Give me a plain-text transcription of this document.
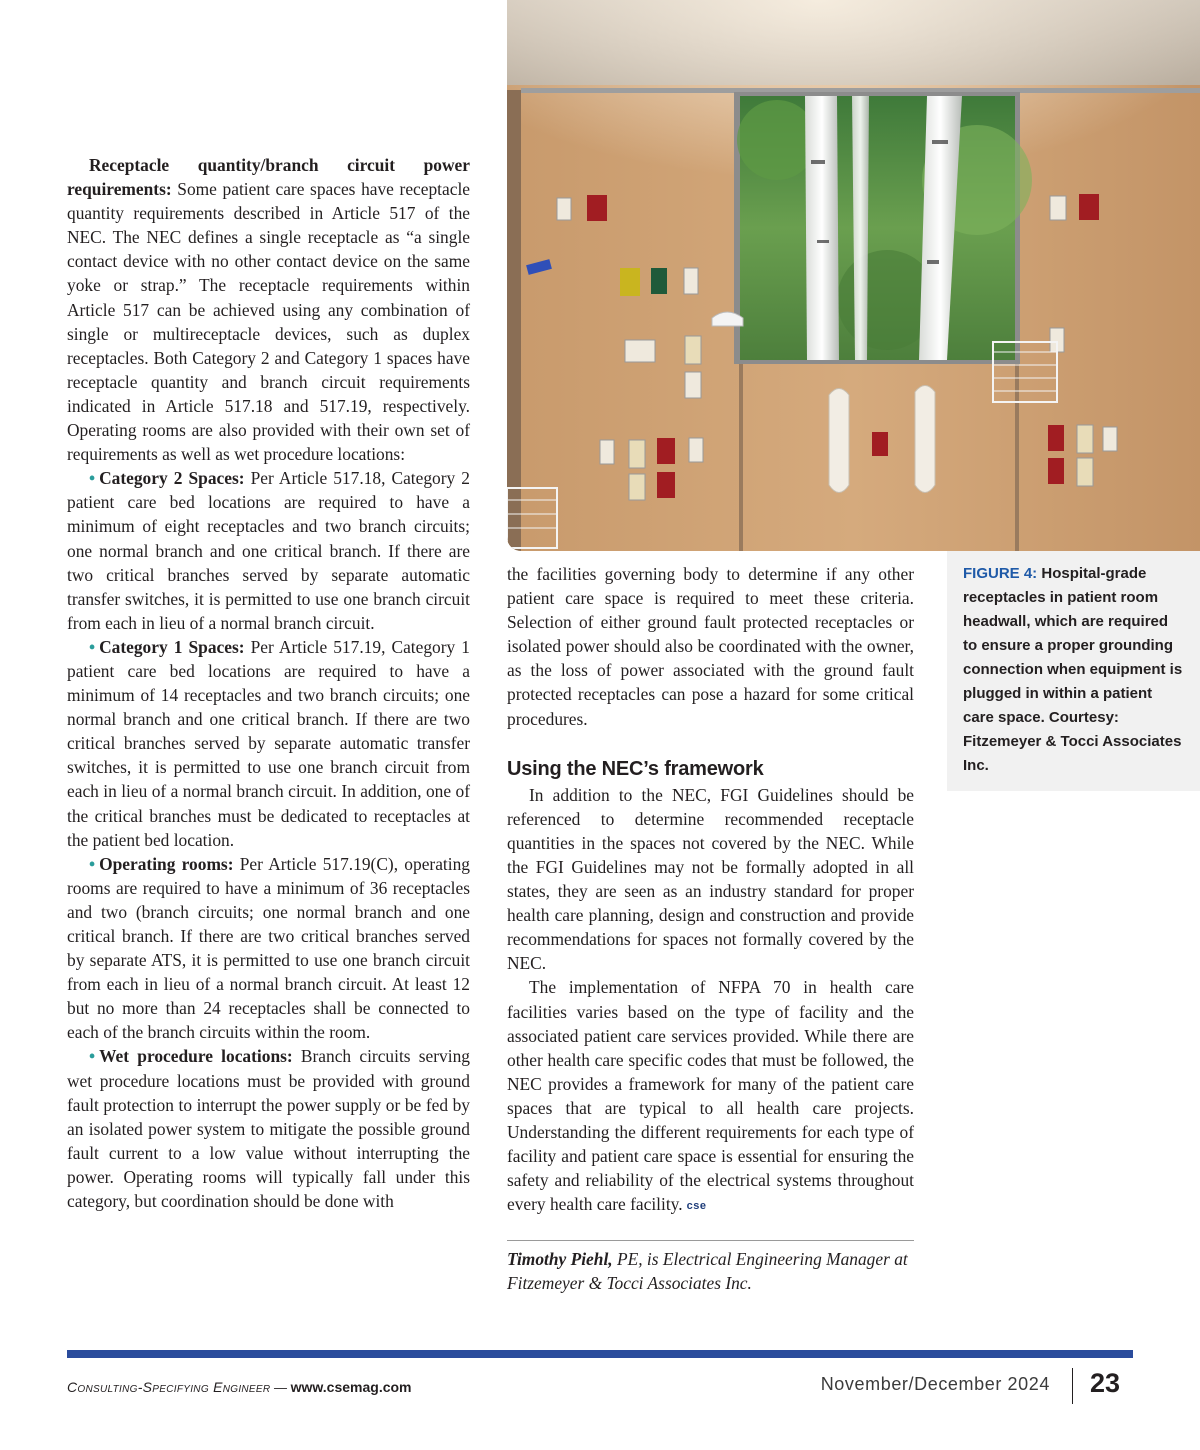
Receptacle quantity/branch circuit power requirements: Some patient care spaces have receptacle quantity requirements described in Article 517 of the NEC. The NEC defines a single receptacle as “a single contact device with no other contact device on the same yoke or strap.” The receptacle requirements within Article 517 can be achieved using any combination of single or multireceptacle devices, such as duplex receptacles. Both Category 2 and Category 1 spaces have receptacle quantity and branch circuit requirements indicated in Article 517.18 and 517.19, respectively. Operating rooms are also provided with their own set of requirements as well as wet procedure locations:

• Category 2 Spaces: Per Article 517.18, Category 2 patient care bed locations are required to have a minimum of eight receptacles and two branch circuits; one normal branch and one critical branch. If there are two critical branches served by separate automatic transfer switches, it is permitted to use one branch circuit from each in lieu of a normal branch circuit.

• Category 1 Spaces: Per Article 517.19, Category 1 patient care bed locations are required to have a minimum of 14 receptacles and two branch circuits; one normal branch and one critical branch. If there are two critical branches served by separate automatic transfer switches, it is permitted to use one branch circuit from each in lieu of a normal branch circuit. In addition, one of the critical branches must be dedicated to receptacles at the patient bed location.

• Operating rooms: Per Article 517.19(C), operating rooms are required to have a minimum of 36 receptacles and two (branch circuits; one normal branch and one critical branch. If there are two critical branches served by separate ATS, it is permitted to use one branch circuit from each in lieu of a normal branch circuit. At least 12 but no more than 24 receptacles shall be connected to each of the branch circuits within the room.

• Wet procedure locations: Branch circuits serving wet procedure locations must be provided with ground fault protection to interrupt the power supply or be fed by an isolated power system to mitigate the possible ground fault current to a low value without interrupting the power. Operating rooms will typically fall under this category, but coordination should be done with

the facilities governing body to determine if any other patient care space is required to meet these criteria. Selection of either ground fault protected receptacles or isolated power should also be coordinated with the owner, as the loss of power associated with the ground fault protected receptacles can pose a hazard for some critical procedures.

Using the NEC’s framework

In addition to the NEC, FGI Guidelines should be referenced to determine recommended receptacle quantities in the spaces not covered by the NEC. While the FGI Guidelines may not be formally adopted in all states, they are seen as an industry standard for proper health care planning, design and construction and provide recommendations for spaces not formally covered by the NEC.

The implementation of NFPA 70 in health care facilities varies based on the type of facility and the associated patient care services provided. While there are other health care specific codes that must be followed, the NEC provides a framework for many of the patient care spaces that are typical to all health care projects. Understanding the different requirements for each type of facility and patient care space is essential for ensuring the safety and reliability of the electrical systems throughout every health care facility. cse

Timothy Piehl, PE, is Electrical Engineering Manager at Fitzemeyer & Tocci Associates Inc.

FIGURE 4: Hospital-grade receptacles in patient room headwall, which are required to ensure a proper grounding connection when equipment is plugged in within a patient care space. Courtesy: Fitzemeyer & Tocci Associates Inc.
Consulting-Specifying Engineer — www.csemag.com	November/December 2024 23
